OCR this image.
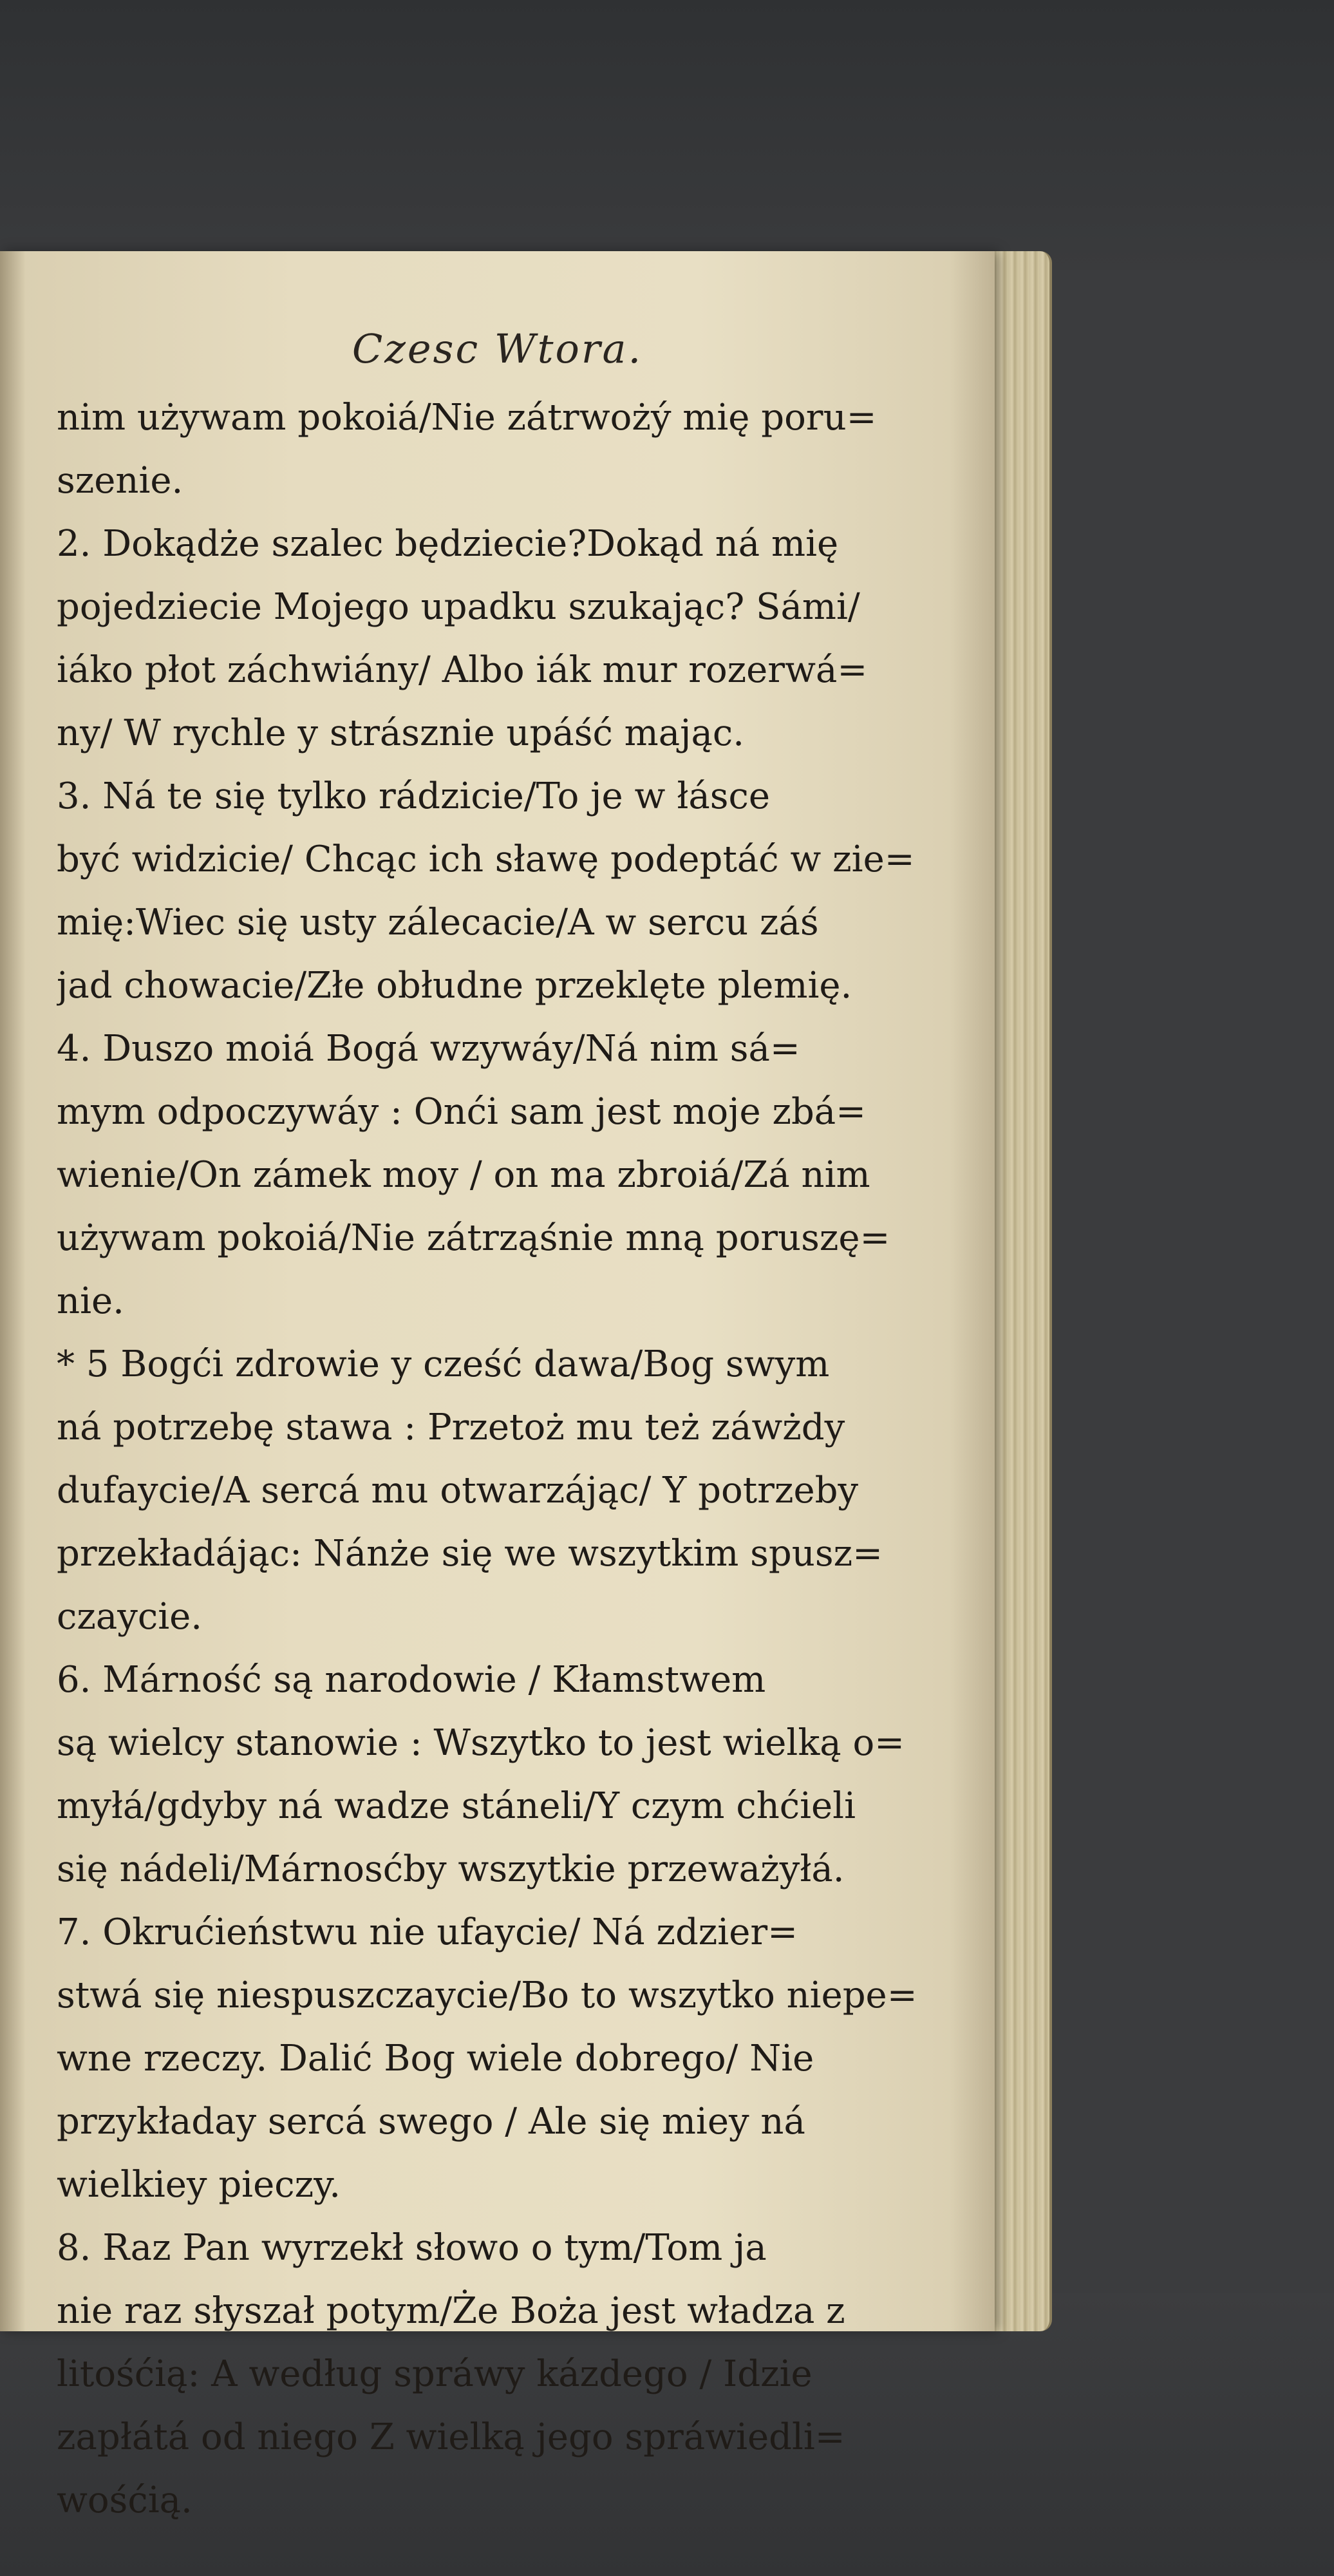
Czesc Wtora.
nim używam pokoiá/Nie zátrwożý mię poru=
szenie.
2. Dokądże szalec będziecie?Dokąd ná mię
pojedziecie Mojego upadku szukając? Sámi/
iáko płot záchwiány/ Albo iák mur rozerwá=
ny/ W rychle y strásznie upáść mając.
3. Ná te się tylko rádzicie/To je w łásce
być widzicie/ Chcąc ich sławę podeptáć w zie=
mię:Wiec się usty zálecacie/A w sercu záś
jad chowacie/Złe obłudne przeklęte plemię.
4. Duszo moiá Bogá wzywáy/Ná nim sá=
mym odpoczywáy : Onći sam jest moje zbá=
wienie/On zámek moy / on ma zbroiá/Zá nim
używam pokoiá/Nie zátrząśnie mną poruszę=
nie.
* 5 Bogći zdrowie y cześć dawa/Bog swym
ná potrzebę stawa : Przetoż mu też záwżdy
dufaycie/A sercá mu otwarzájąc/ Y potrzeby
przekładájąc: Nánże się we wszytkim spusz=
czaycie.
6. Márność są narodowie / Kłamstwem
są wielcy stanowie : Wszytko to jest wielką o=
myłá/gdyby ná wadze stáneli/Y czym chćieli
się nádeli/Márnosćby wszytkie przeważyłá.
7. Okrućieństwu nie ufaycie/ Ná zdzier=
stwá się niespuszczaycie/Bo to wszytko niepe=
wne rzeczy. Dalić Bog wiele dobrego/ Nie
przykładay sercá swego / Ale się miey ná
wielkiey pieczy.
8. Raz Pan wyrzekł słowo o tym/Tom ja
nie raz słyszał potym/Że Boża jest władza z
litośćią: A według spráwy kázdego / Idzie
zapłátá od niego Z wielką jego spráwiedli=
wośćią.
